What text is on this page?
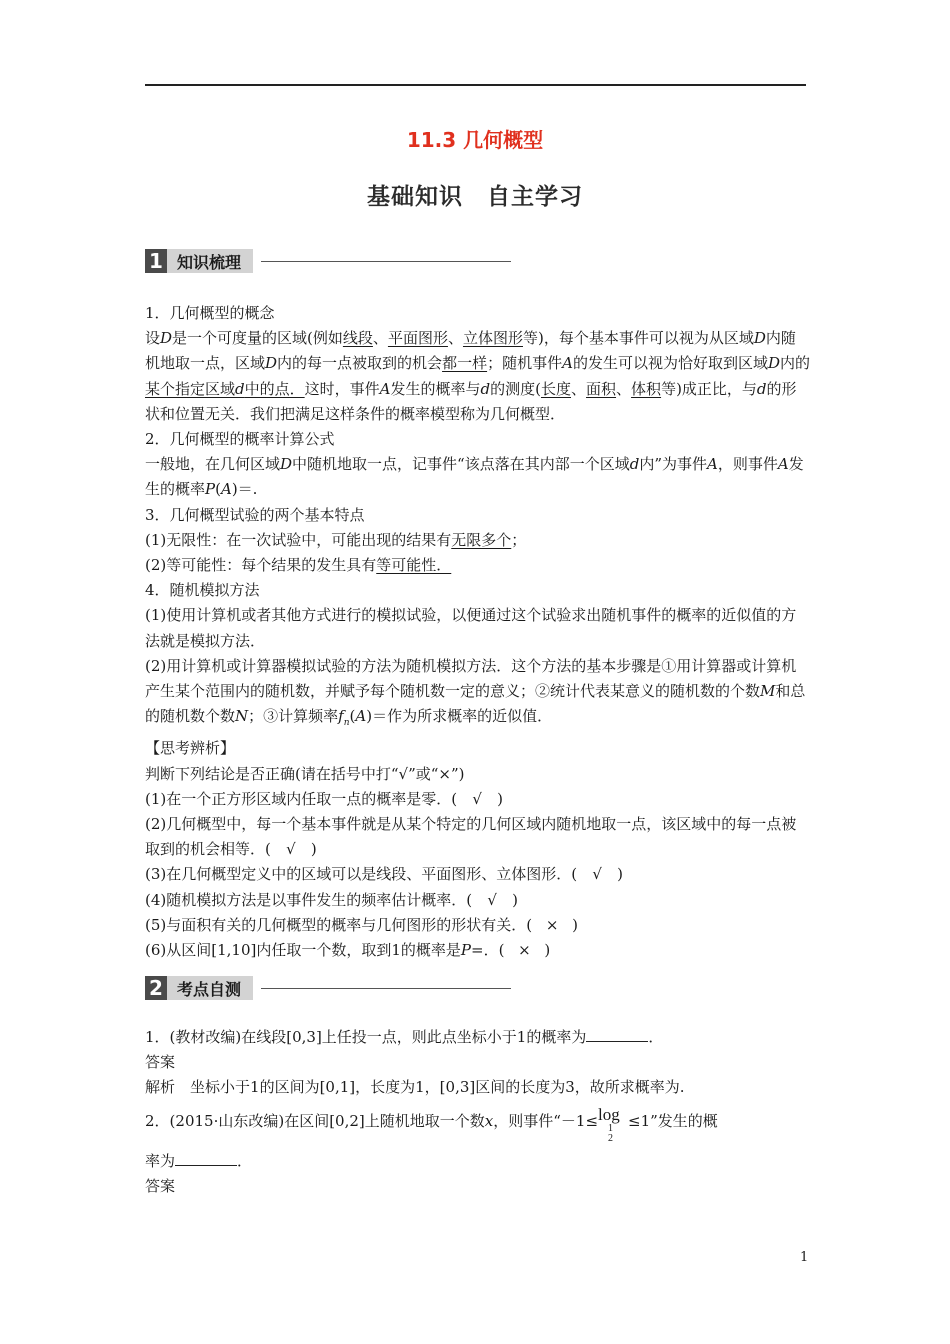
11.3 几何概型
基础知识　自主学习
1 知识梳理

1．几何概型的概念

设D是一个可度量的区域(例如线段、平面图形、立体图形等)，每个基本事件可以视为从区域D内随机地取一点，区域D内的每一点被取到的机会都一样；随机事件A的发生可以视为恰好取到区域D内的某个指定区域d中的点．这时，事件A发生的概率与d的测度(长度、面积、体积等)成正比，与d的形状和位置无关．我们把满足这样条件的概率模型称为几何概型．

2．几何概型的概率计算公式

一般地，在几何区域D中随机地取一点，记事件“该点落在其内部一个区域d内”为事件A，则事件A发生的概率P(A)＝.

3．几何概型试验的两个基本特点

(1)无限性：在一次试验中，可能出现的结果有无限多个；

(2)等可能性：每个结果的发生具有等可能性．

4．随机模拟方法

(1)使用计算机或者其他方式进行的模拟试验，以便通过这个试验求出随机事件的概率的近似值的方法就是模拟方法．

(2)用计算机或计算器模拟试验的方法为随机模拟方法．这个方法的基本步骤是①用计算器或计算机产生某个范围内的随机数，并赋予每个随机数一定的意义；②统计代表某意义的随机数的个数M和总的随机数个数N；③计算频率$f_n(A)=$作为所求概率的近似值．

【思考辨析】

判断下列结论是否正确(请在括号中打“√”或“×”)

(1)在一个正方形区域内任取一点的概率是零．( √ )

(2)几何概型中，每一个基本事件就是从某个特定的几何区域内随机地取一点，该区域中的每一点被取到的机会相等．( √ )

(3)在几何概型定义中的区域可以是线段、平面图形、立体图形．( √ )

(4)随机模拟方法是以事件发生的频率估计概率．( √ )

(5)与面积有关的几何概型的概率与几何图形的形状有关．( × )

(6)从区间[1,10]内任取一个数，取到1的概率是P=．( × )

2 考点自测

1．(教材改编)在线段[0,3]上任投一点，则此点坐标小于1的概率为	．

答案

解析　 坐标小于1的区间为[0,1]，长度为1，[0,3]区间的长度为3，故所求概率为.

2．(2015·山东改编)在区间[0,2]上随机地取一个数x，则事件“－1≤log
1
2
≤1”发生的概

率为	．

答案

1
